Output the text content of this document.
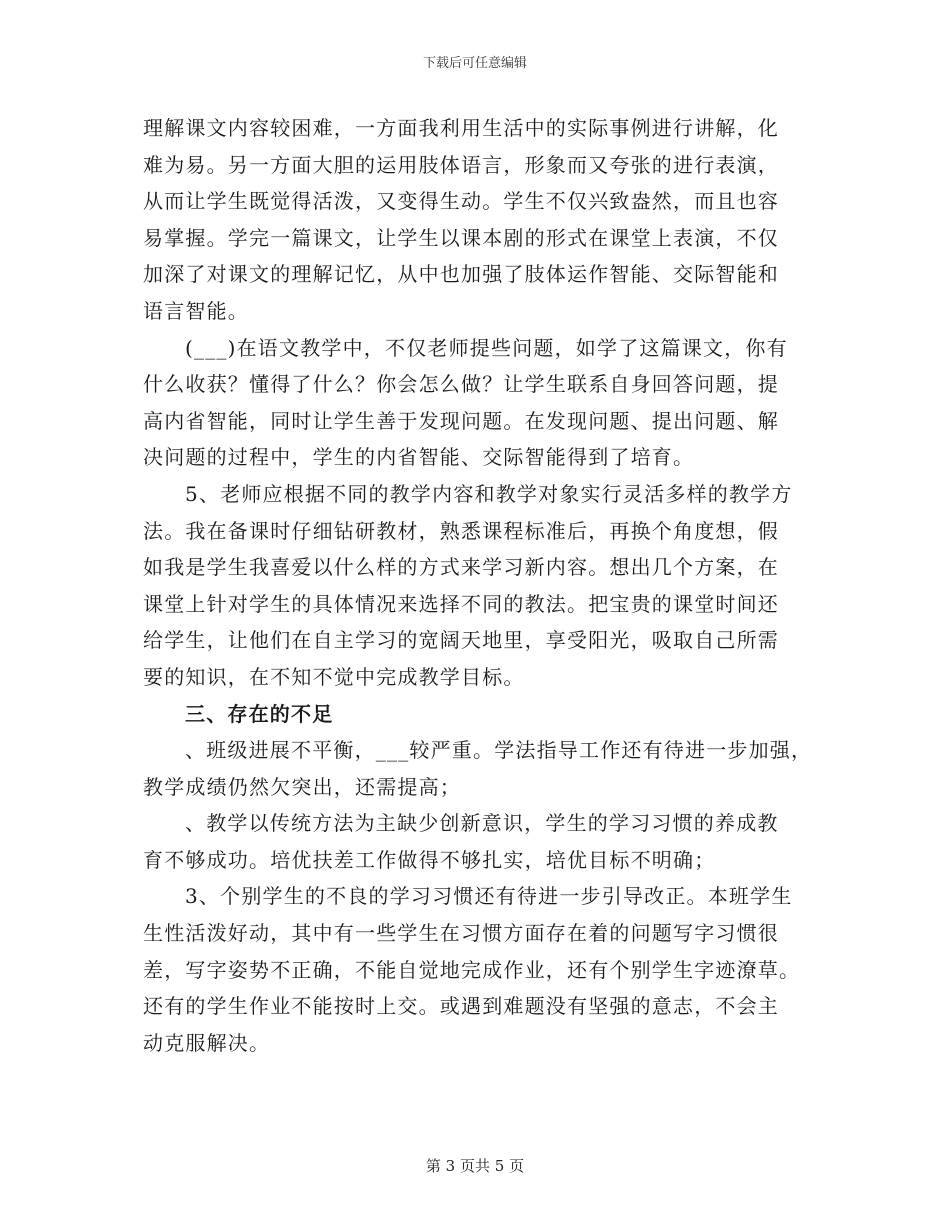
下载后可任意编辑
理解课文内容较困难，一方面我利用生活中的实际事例进行讲解，化
难为易。另一方面大胆的运用肢体语言，形象而又夸张的进行表演，
从而让学生既觉得活泼，又变得生动。学生不仅兴致盎然，而且也容
易掌握。学完一篇课文，让学生以课本剧的形式在课堂上表演，不仅
加深了对课文的理解记忆，从中也加强了肢体运作智能、交际智能和
语言智能。
(___)在语文教学中，不仅老师提些问题，如学了这篇课文，你有
什么收获？懂得了什么？你会怎么做？让学生联系自身回答问题，提
高内省智能，同时让学生善于发现问题。在发现问题、提出问题、解
决问题的过程中，学生的内省智能、交际智能得到了培育。
5、老师应根据不同的教学内容和教学对象实行灵活多样的教学方
法。我在备课时仔细钻研教材，熟悉课程标准后，再换个角度想，假
如我是学生我喜爱以什么样的方式来学习新内容。想出几个方案，在
课堂上针对学生的具体情况来选择不同的教法。把宝贵的课堂时间还
给学生，让他们在自主学习的宽阔天地里，享受阳光，吸取自己所需
要的知识，在不知不觉中完成教学目标。
三、存在的不足
、班级进展不平衡，___较严重。学法指导工作还有待进一步加强，
教学成绩仍然欠突出，还需提高；
、教学以传统方法为主缺少创新意识，学生的学习习惯的养成教
育不够成功。培优扶差工作做得不够扎实，培优目标不明确；
3、个别学生的不良的学习习惯还有待进一步引导改正。本班学生
生性活泼好动，其中有一些学生在习惯方面存在着的问题写字习惯很
差，写字姿势不正确，不能自觉地完成作业，还有个别学生字迹潦草。
还有的学生作业不能按时上交。或遇到难题没有坚强的意志，不会主
动克服解决。
第 3 页共 5 页
